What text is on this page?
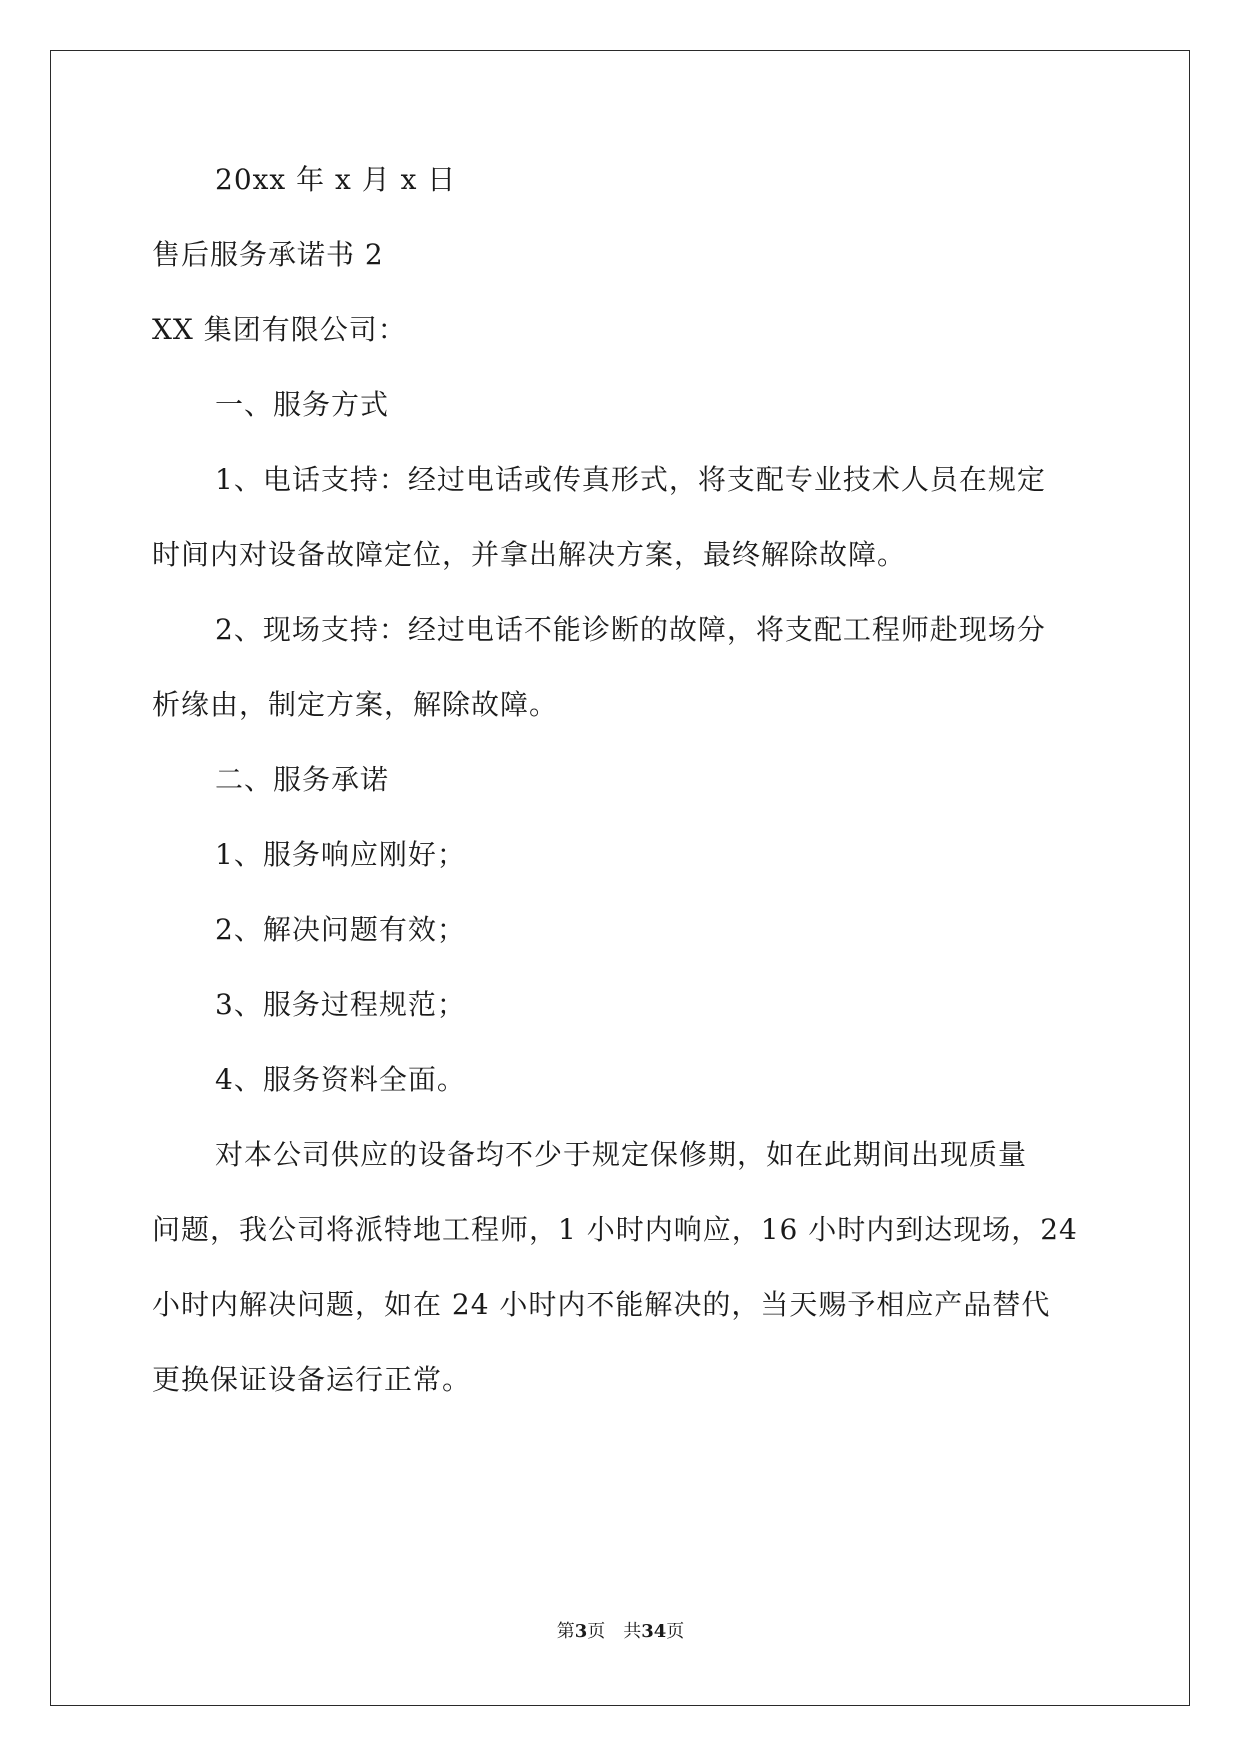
20xx 年 x 月 x 日
售后服务承诺书 2
XX 集团有限公司：
一、服务方式
1、电话支持：经过电话或传真形式，将支配专业技术人员在规定
时间内对设备故障定位，并拿出解决方案，最终解除故障。
2、现场支持：经过电话不能诊断的故障，将支配工程师赴现场分
析缘由，制定方案，解除故障。
二、服务承诺
1、服务响应刚好；
2、解决问题有效；
3、服务过程规范；
4、服务资料全面。
对本公司供应的设备均不少于规定保修期，如在此期间出现质量
问题，我公司将派特地工程师，1 小时内响应，16 小时内到达现场，24
小时内解决问题，如在 24 小时内不能解决的，当天赐予相应产品替代
更换保证设备运行正常。
第3页 共34页
